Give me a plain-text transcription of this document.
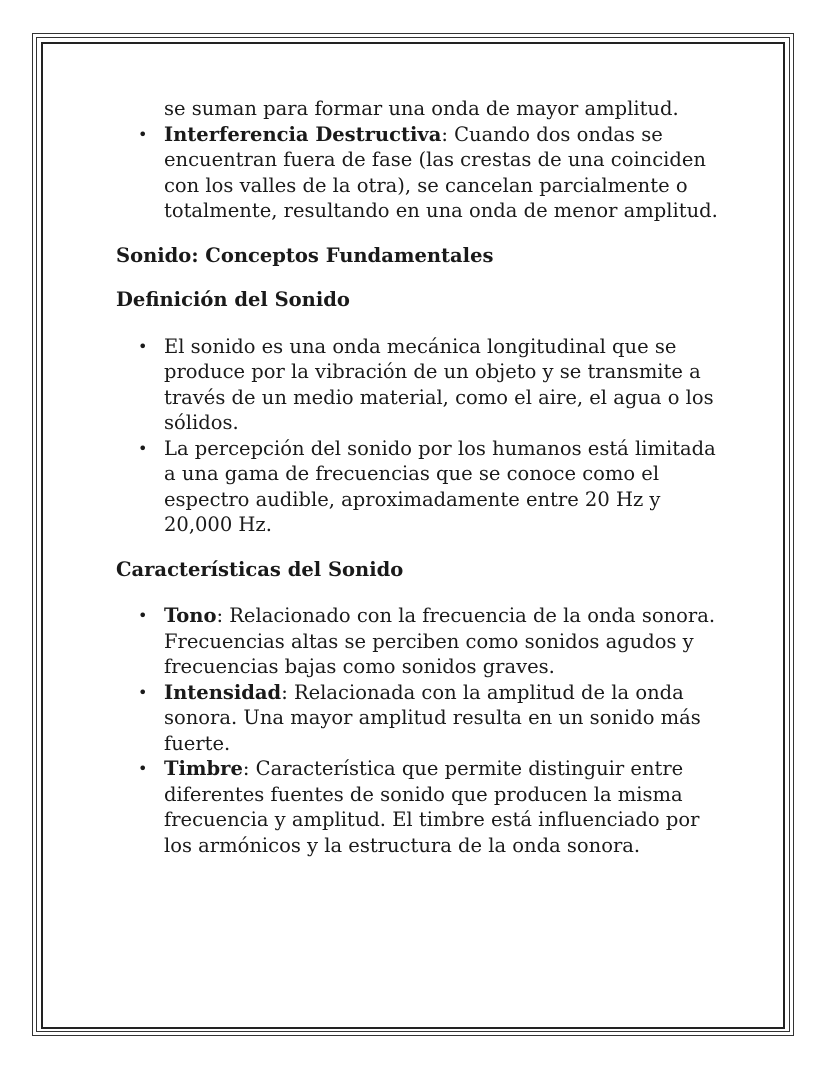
se suman para formar una onda de mayor amplitud.
• Interferencia Destructiva: Cuando dos ondas se encuentran fuera de fase (las crestas de una coinciden con los valles de la otra), se cancelan parcialmente o totalmente, resultando en una onda de menor amplitud.
Sonido: Conceptos Fundamentales
Definición del Sonido
• El sonido es una onda mecánica longitudinal que se produce por la vibración de un objeto y se transmite a través de un medio material, como el aire, el agua o los sólidos.
• La percepción del sonido por los humanos está limitada a una gama de frecuencias que se conoce como el espectro audible, aproximadamente entre 20 Hz y 20,000 Hz.
Características del Sonido
• Tono: Relacionado con la frecuencia de la onda sonora. Frecuencias altas se perciben como sonidos agudos y frecuencias bajas como sonidos graves.
• Intensidad: Relacionada con la amplitud de la onda sonora. Una mayor amplitud resulta en un sonido más fuerte.
• Timbre: Característica que permite distinguir entre diferentes fuentes de sonido que producen la misma frecuencia y amplitud. El timbre está influenciado por los armónicos y la estructura de la onda sonora.
